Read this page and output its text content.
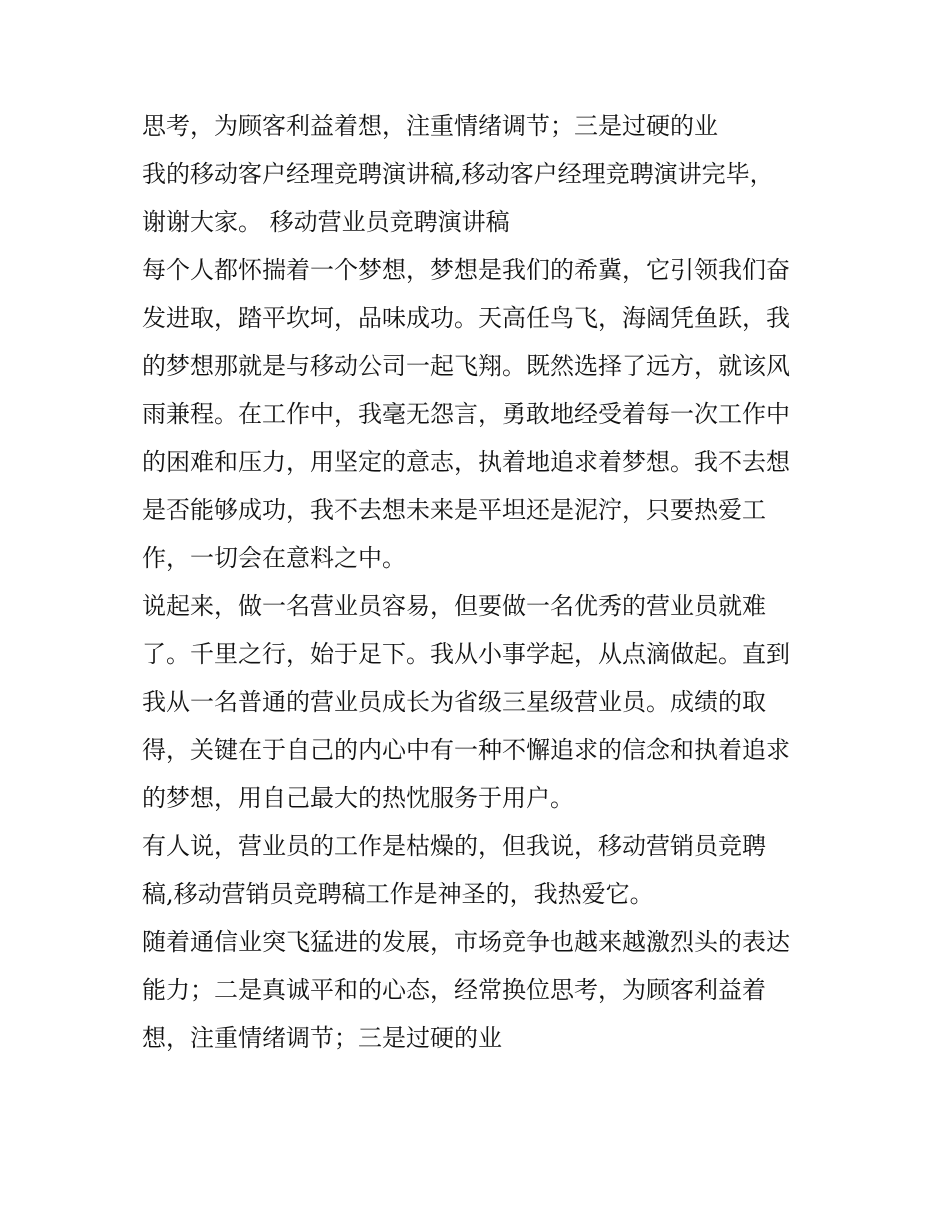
思考，为顾客利益着想，注重情绪调节；三是过硬的业
我的移动客户经理竞聘演讲稿,移动客户经理竞聘演讲完毕，
谢谢大家。 移动营业员竞聘演讲稿
每个人都怀揣着一个梦想，梦想是我们的希冀，它引领我们奋
发进取，踏平坎坷，品味成功。天高任鸟飞，海阔凭鱼跃，我
的梦想那就是与移动公司一起飞翔。既然选择了远方，就该风
雨兼程。在工作中，我毫无怨言，勇敢地经受着每一次工作中
的困难和压力，用坚定的意志，执着地追求着梦想。我不去想
是否能够成功，我不去想未来是平坦还是泥泞，只要热爱工
作，一切会在意料之中。
说起来，做一名营业员容易，但要做一名优秀的营业员就难
了。千里之行，始于足下。我从小事学起，从点滴做起。直到
我从一名普通的营业员成长为省级三星级营业员。成绩的取
得，关键在于自己的内心中有一种不懈追求的信念和执着追求
的梦想，用自己最大的热忱服务于用户。
有人说，营业员的工作是枯燥的，但我说，移动营销员竞聘
稿,移动营销员竞聘稿工作是神圣的，我热爱它。
随着通信业突飞猛进的发展，市场竞争也越来越激烈头的表达
能力；二是真诚平和的心态，经常换位思考，为顾客利益着
想，注重情绪调节；三是过硬的业
